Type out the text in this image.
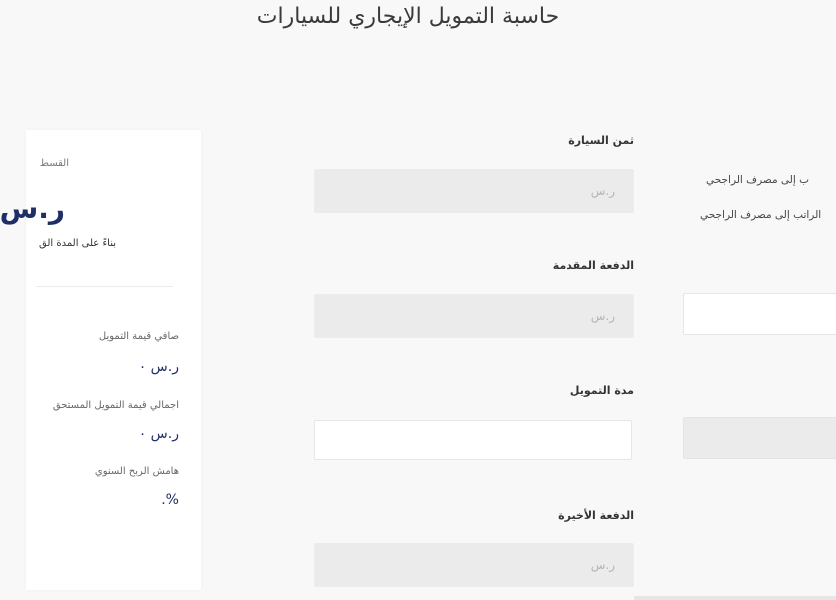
حاسبة التمويل الإيجاري للسيارات
ثمن السيارة
ر.س
الدفعة المقدمة
ر.س
مدة التمويل
الدفعة الأخيرة
ر.س
ب إلى مصرف الراجحي
الراتب إلى مصرف الراجحي
القسط
ر.س
بناءً على المدة الق
صافي قيمة التمويل
ر.س ٠
اجمالي قيمة التمويل المستحق
ر.س ٠
هامش الربح السنوي
%.
